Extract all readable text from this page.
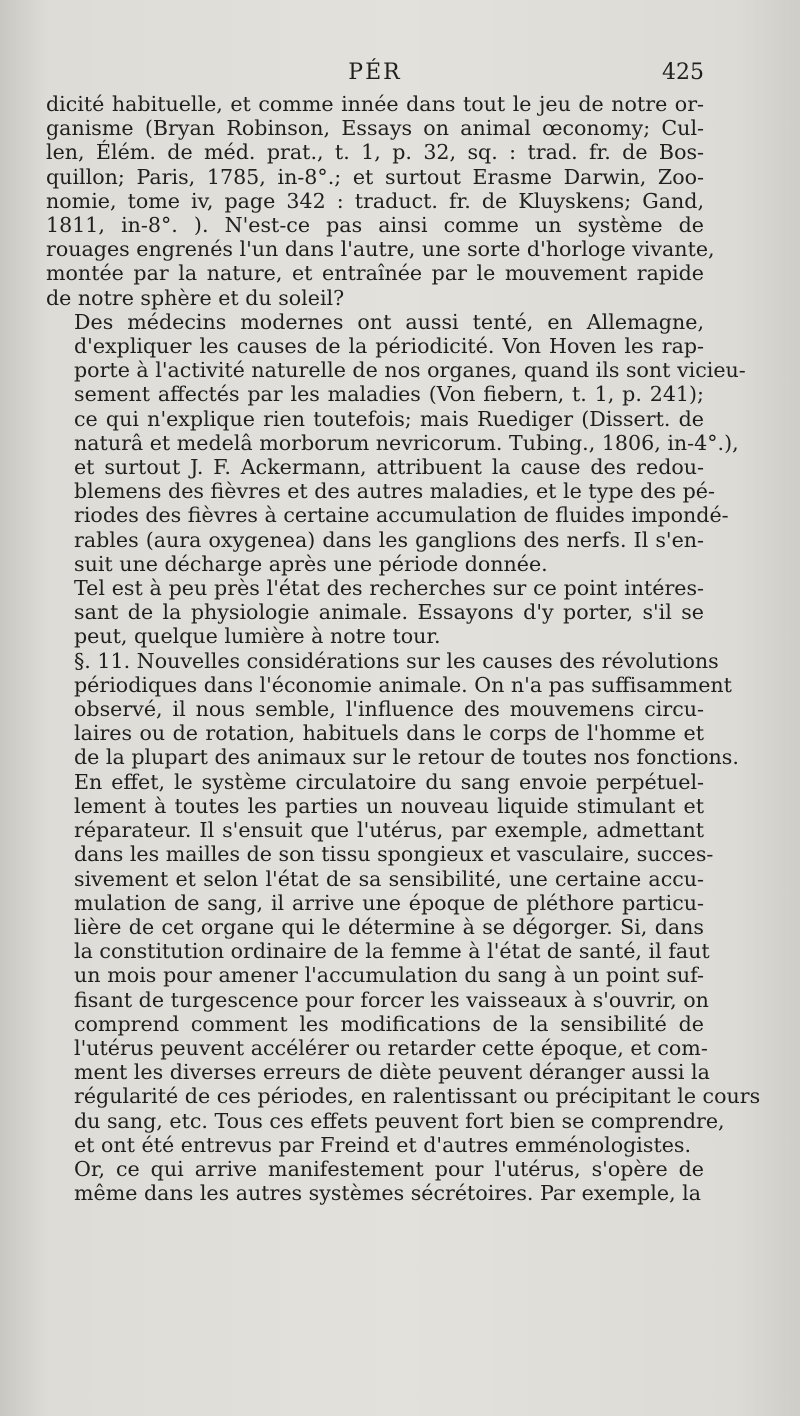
PÉR	425

dicité habituelle, et comme innée dans tout le jeu de notre or-
ganisme (Bryan Robinson, Essays on animal œconomy; Cul-
len, Élém. de méd. prat., t. 1, p. 32, sq. : trad. fr. de Bos-
quillon; Paris, 1785, in-8°.; et surtout Erasme Darwin, Zoo-
nomie, tome iv, page 342 : traduct. fr. de Kluyskens; Gand,
1811, in-8°. ). N'est-ce pas ainsi comme un système de
rouages engrenés l'un dans l'autre, une sorte d'horloge vivante,
montée par la nature, et entraînée par le mouvement rapide
de notre sphère et du soleil?

Des médecins modernes ont aussi tenté, en Allemagne,
d'expliquer les causes de la périodicité. Von Hoven les rap-
porte à l'activité naturelle de nos organes, quand ils sont vicieu-
sement affectés par les maladies (Von fiebern, t. 1, p. 241);
ce qui n'explique rien toutefois; mais Ruediger (Dissert. de
naturâ et medelâ morborum nevricorum. Tubing., 1806, in-4°.),
et surtout J. F. Ackermann, attribuent la cause des redou-
blemens des fièvres et des autres maladies, et le type des pé-
riodes des fièvres à certaine accumulation de fluides impondé-
rables (aura oxygenea) dans les ganglions des nerfs. Il s'en-
suit une décharge après une période donnée.

Tel est à peu près l'état des recherches sur ce point intéres-
sant de la physiologie animale. Essayons d'y porter, s'il se
peut, quelque lumière à notre tour.

§. 11. Nouvelles considérations sur les causes des révolutions
périodiques dans l'économie animale. On n'a pas suffisamment
observé, il nous semble, l'influence des mouvemens circu-
laires ou de rotation, habituels dans le corps de l'homme et
de la plupart des animaux sur le retour de toutes nos fonctions.

En effet, le système circulatoire du sang envoie perpétuel-
lement à toutes les parties un nouveau liquide stimulant et
réparateur. Il s'ensuit que l'utérus, par exemple, admettant
dans les mailles de son tissu spongieux et vasculaire, succes-
sivement et selon l'état de sa sensibilité, une certaine accu-
mulation de sang, il arrive une époque de pléthore particu-
lière de cet organe qui le détermine à se dégorger. Si, dans
la constitution ordinaire de la femme à l'état de santé, il faut
un mois pour amener l'accumulation du sang à un point suf-
fisant de turgescence pour forcer les vaisseaux à s'ouvrir, on
comprend comment les modifications de la sensibilité de
l'utérus peuvent accélérer ou retarder cette époque, et com-
ment les diverses erreurs de diète peuvent déranger aussi la
régularité de ces périodes, en ralentissant ou précipitant le cours
du sang, etc. Tous ces effets peuvent fort bien se comprendre,
et ont été entrevus par Freind et d'autres emménologistes.

Or, ce qui arrive manifestement pour l'utérus, s'opère de
même dans les autres systèmes sécrétoires. Par exemple, la
